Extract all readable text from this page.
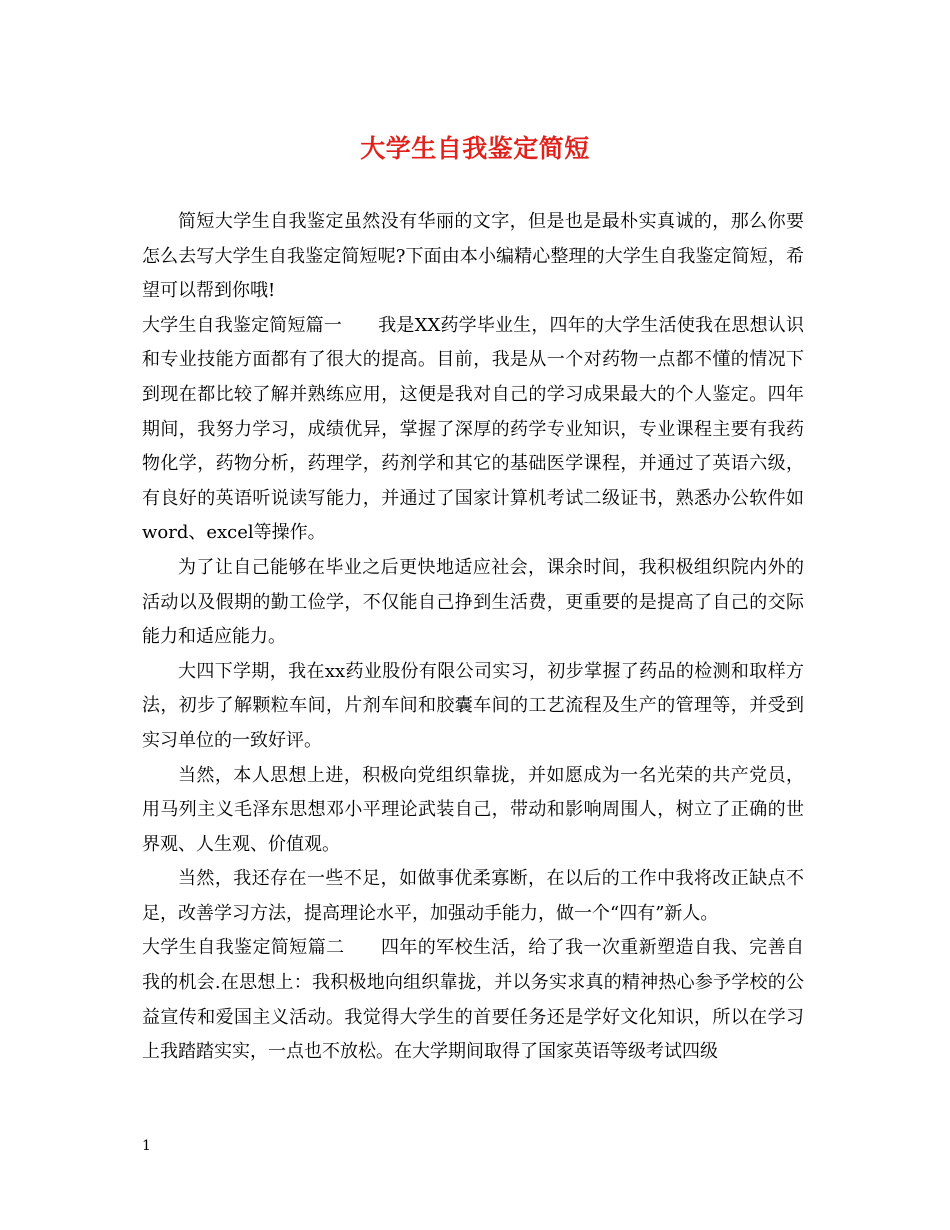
大学生自我鉴定简短

简短大学生自我鉴定虽然没有华丽的文字，但是也是最朴实真诚的，那么你要怎么去写大学生自我鉴定简短呢?下面由本小编精心整理的大学生自我鉴定简短，希望可以帮到你哦!

大学生自我鉴定简短篇一 我是XX药学毕业生，四年的大学生活使我在思想认识和专业技能方面都有了很大的提高。目前，我是从一个对药物一点都不懂的情况下到现在都比较了解并熟练应用，这便是我对自己的学习成果最大的个人鉴定。四年期间，我努力学习，成绩优异，掌握了深厚的药学专业知识，专业课程主要有我药物化学，药物分析，药理学，药剂学和其它的基础医学课程，并通过了英语六级，有良好的英语听说读写能力，并通过了国家计算机考试二级证书，熟悉办公软件如word、excel等操作。

为了让自己能够在毕业之后更快地适应社会，课余时间，我积极组织院内外的活动以及假期的勤工俭学，不仅能自己挣到生活费，更重要的是提高了自己的交际能力和适应能力。

大四下学期，我在xx药业股份有限公司实习，初步掌握了药品的检测和取样方法，初步了解颗粒车间，片剂车间和胶囊车间的工艺流程及生产的管理等，并受到实习单位的一致好评。

当然，本人思想上进，积极向党组织靠拢，并如愿成为一名光荣的共产党员，用马列主义毛泽东思想邓小平理论武装自己，带动和影响周围人，树立了正确的世界观、人生观、价值观。

当然，我还存在一些不足，如做事优柔寡断，在以后的工作中我将改正缺点不足，改善学习方法，提高理论水平，加强动手能力，做一个“四有”新人。

大学生自我鉴定简短篇二 四年的军校生活，给了我一次重新塑造自我、完善自我的机会.在思想上：我积极地向组织靠拢，并以务实求真的精神热心参予学校的公益宣传和爱国主义活动。我觉得大学生的首要任务还是学好文化知识，所以在学习上我踏踏实实，一点也不放松。在大学期间取得了国家英语等级考试四级

1
